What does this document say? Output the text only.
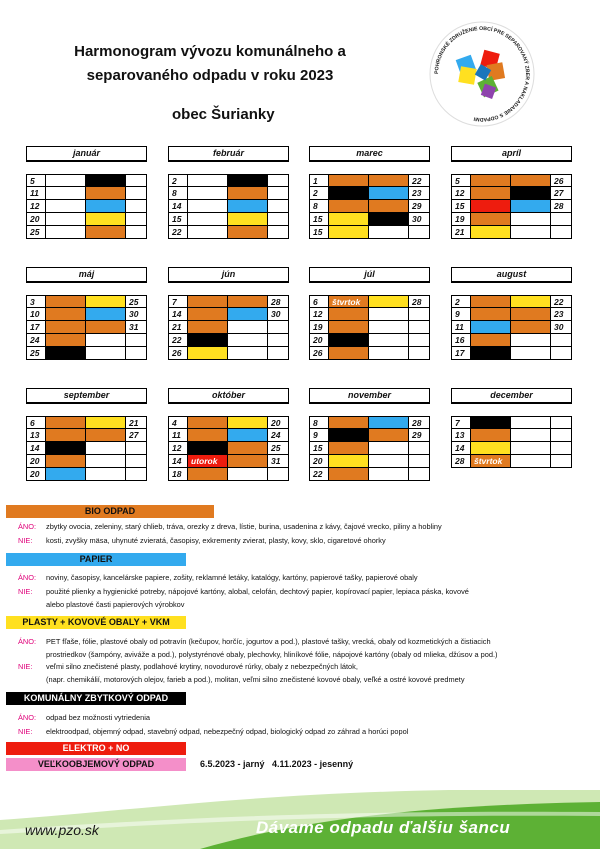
Harmonogram vývozu komunálneho a
separovaného odpadu v roku 2023
obec Šurianky
POHRONSKÉ ZDRUŽENIE OBCÍ PRE SEPAROVANÝ ZBER A NAKLADANIE S ODPADMI
január
5
11
12
20
25
február
2
8
14
15
22
marec
1	22
2	23
8	29
15	30
15
apríl
5	26
12	27
15	28
19
21
máj
3	25
10	30
17	31
24
25
jún
7	28
14	30
21
22
26
júl
6	štvrtok	28
12
19
20
26
august
2	22
9	23
11	30
16
17
september
6	21
13	27
14
20
20
október
4	20
11	24
12	25
14	utorok	31
18
november
8	28
9	29
15
20
22
december
7
13
14
28	štvrtok
BIO ODPAD
ÁNO: zbytky ovocia, zeleniny, starý chlieb, tráva, orezky z dreva, lístie, burina, usadenina z kávy, čajové vrecko, piliny a hobliny
NIE: kosti, zvyšky mäsa, uhynuté zvieratá, časopisy, exkrementy zvierat, plasty, kovy, sklo, cigaretové ohorky
PAPIER
ÁNO: noviny, časopisy, kancelárske papiere, zošity, reklamné letáky, katalógy, kartóny, papierové tašky, papierové obaly
NIE: použité plienky a hygienické potreby, nápojové kartóny, alobal, celofán, dechtový papier, kopírovací papier, lepiaca páska, kovové
alebo plastové časti papierových výrobkov
PLASTY + KOVOVÉ OBALY + VKM
ÁNO: PET fľaše, fólie, plastové obaly od potravín (kečupov, horčíc, jogurtov a pod.), plastové tašky, vrecká, obaly od kozmetických a čistiacich
prostriedkov (šampóny, aviváže a pod.), polystyrénové obaly, plechovky, hliníkové fólie, nápojové kartóny (obaly od mlieka, džúsov a pod.)
NIE: veľmi silno znečistené plasty, podlahové krytiny, novodurové rúrky, obaly z nebezpečných látok,
(napr. chemikálií, motorových olejov, farieb a pod.), molitan, veľmi silno znečistené kovové obaly, veľké a ostré kovové predmety
KOMUNÁLNY ZBYTKOVÝ ODPAD
ÁNO: odpad bez možnosti vytriedenia
NIE: elektroodpad, objemný odpad, stavebný odpad, nebezpečný odpad, biologický odpad zo záhrad a horúci popol
ELEKTRO + NO
VEĽKOOBJEMOVÝ ODPAD	6.5.2023 - jarný   4.11.2023 - jesenný
www.pzo.sk	Dávame odpadu ďalšiu šancu
